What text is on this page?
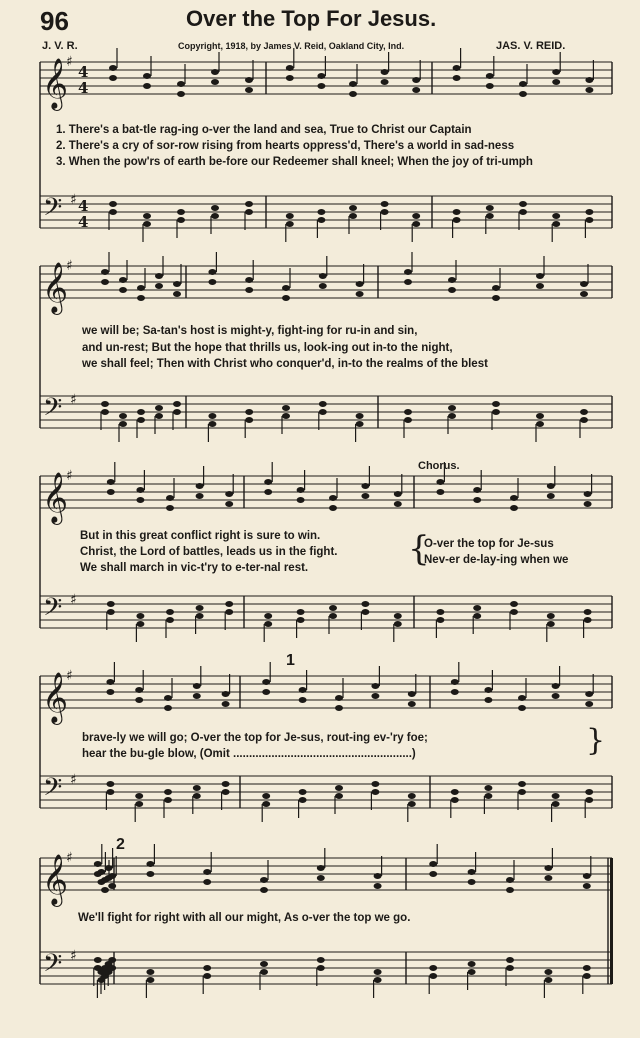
96	Over the Top For Jesus.
J. V. R.	Copyright, 1918, by James V. Reid, Oakland City, Ind.	JAS. V. REID.
𝄞
♯
4
4
𝄢 ♯ 4
4
𝄞
♯
𝄢 ♯
𝄞
♯
𝄢 ♯
𝄞
♯
𝄢 ♯
𝄞
♯
𝄢 ♯
1. There's a bat-tle rag-ing o-ver the land and sea, True to Christ our Captain
2. There's a cry of sor-row rising from hearts oppress'd, There's a world in sad-ness
3. When the pow'rs of earth be-fore our Redeemer shall kneel; When the joy of tri-umph
we will be; Sa-tan's host is might-y, fight-ing for ru-in and sin,
and un-rest; But the hope that thrills us, look-ing out in-to the night,
we shall feel; Then with Christ who conquer'd, in-to the realms of the blest
But in this great conflict right is sure to win.
Christ, the Lord of battles, leads us in the fight.
We shall march in vic-t'ry to e-ter-nal rest.	{
O-ver the top for Je-sus
Nev-er de-lay-ing when we
Chorus.
brave-ly we will go; O-ver the top for Je-sus, rout-ing ev-'ry foe;
hear the bu-gle blow, (Omit ........................................................)	}
We'll fight for right with all our might, As o-ver the top we go.
1
2
